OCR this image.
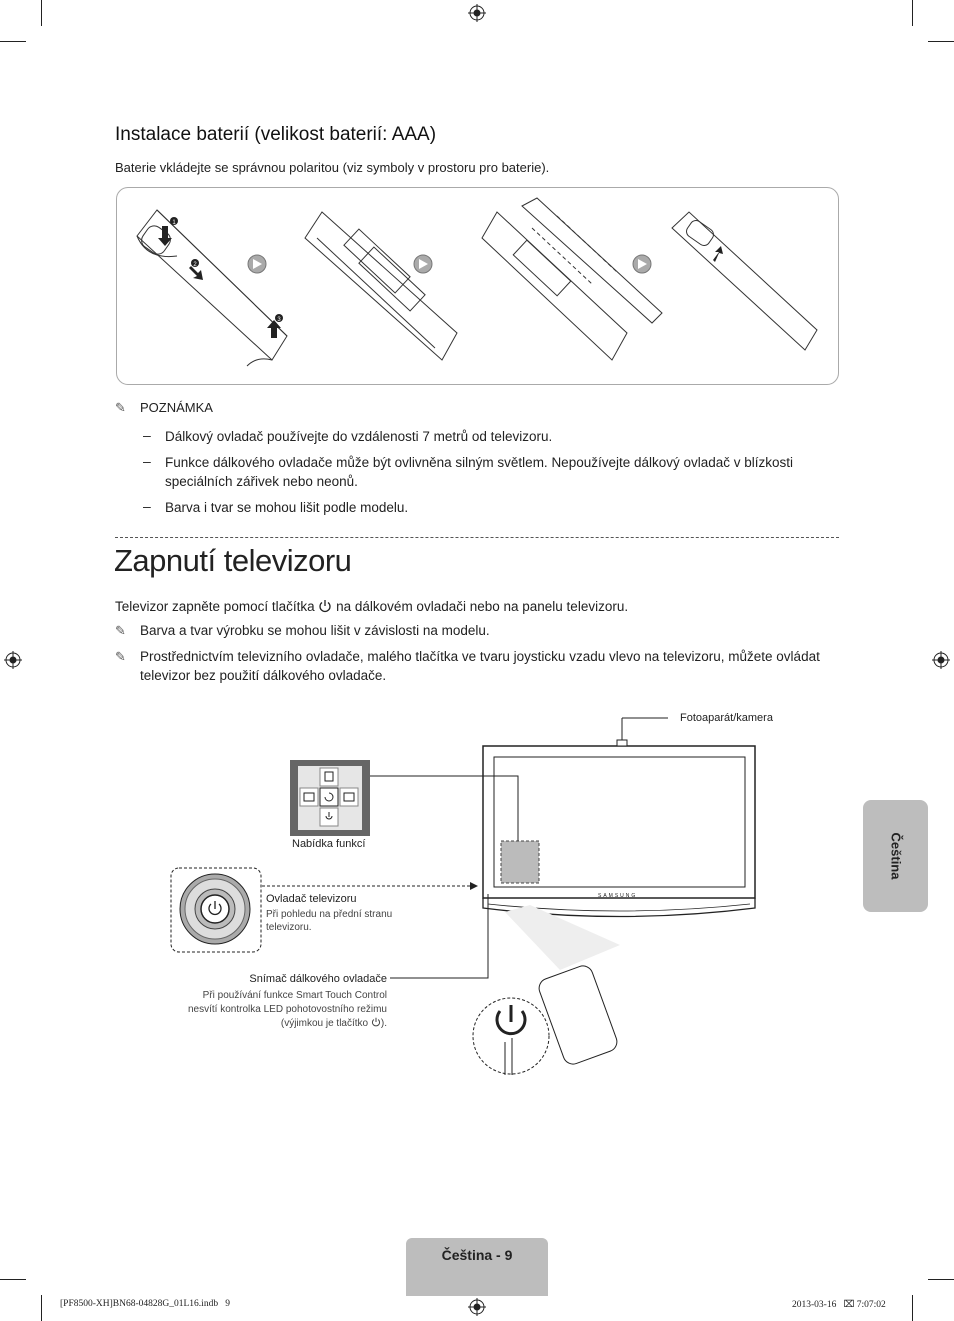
Instalace baterií (velikost baterií: AAA)
Baterie vkládejte se správnou polaritou (viz symboly v prostoru pro baterie).
1
2
3
✎	POZNÁMKA
– Dálkový ovladač používejte do vzdálenosti 7 metrů od televizoru.
– Funkce dálkového ovladače může být ovlivněna silným světlem. Nepoužívejte dálkový ovladač v blízkosti
speciálních zářivek nebo neonů.
– Barva i tvar se mohou lišit podle modelu.
Zapnutí televizoru
Televizor zapněte pomocí tlačítka na dálkovém ovladači nebo na panelu televizoru.
✎	Barva a tvar výrobku se mohou lišit v závislosti na modelu.
✎	Prostřednictvím televizního ovladače, malého tlačítka ve tvaru joysticku vzadu vlevo na televizoru, můžete ovládat
televizor bez použití dálkového ovladače.
Fotoaparát/kamera
Nabídka funkcí
SAMSUNG
Ovladač televizoru
Při pohledu na přední stranu
televizoru.
Snímač dálkového ovladače
Při používání funkce Smart Touch Control
nesvítí kontrolka LED pohotovostního režimu
(výjimkou je tlačítko ).
Čeština
Čeština - 9
[PF8500-XH]BN68-04828G_01L16.indb   9	2013-03-16   ⌧ 7:07:02
